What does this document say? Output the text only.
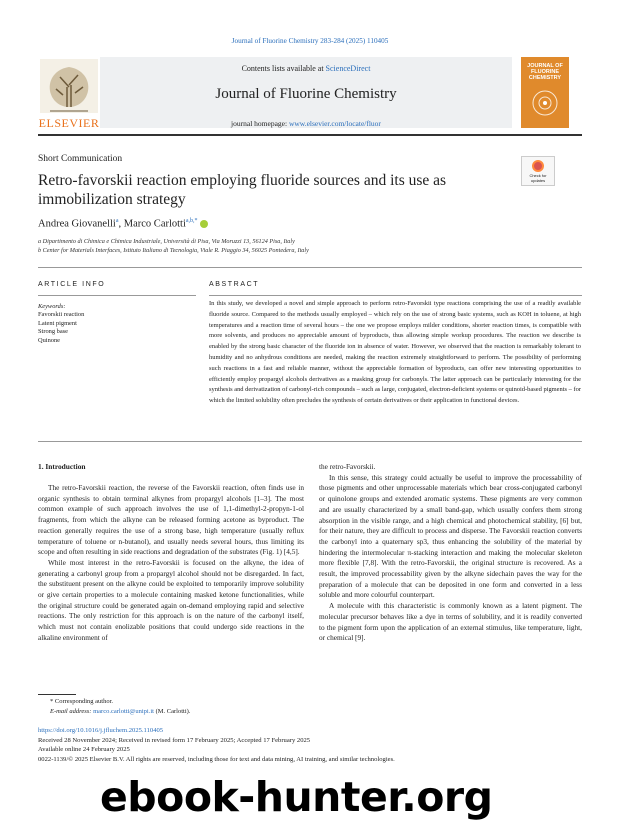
Journal of Fluorine Chemistry 283-284 (2025) 110405
ELSEVIER
Contents lists available at ScienceDirect
Journal of Fluorine Chemistry
journal homepage: www.elsevier.com/locate/fluor
JOURNAL OF FLUORINE CHEMISTRY
Short Communication
Retro-favorskii reaction employing fluoride sources and its use as immobilization strategy
Check for updates
Andrea Giovanelli$^a$, Marco Carlotti$^{a,b,*}$
a Dipartimento di Chimica e Chimica Industriale, Università di Pisa, Via Moruzzi 13, 56124 Pisa, Italy
b Center for Materials Interfaces, Istituto Italiano di Tecnologia, Viale R. Piaggio 34, 56025 Pontedera, Italy
ARTICLE INFO	ABSTRACT
Keywords:
Favorskii reaction
Latent pigment
Strong base
Quinone
In this study, we developed a novel and simple approach to perform retro-Favorskii type reactions comprising the use of a readily available fluoride source. Compared to the methods usually employed – which rely on the use of strong basic systems, such as KOH in toluene, at high temperatures and a reaction time of several hours – the one we propose employs milder conditions, shorter reaction times, is compatible with more solvents, and produces no appreciable amount of byproducts, thus allowing simple workup procedures. The reaction we describe is enabled by the strong basic character of the fluoride ion in absence of water. However, we observed that the reaction is remarkably tolerant to humidity and no anhydrous conditions are needed, making the reaction extremely straightforward to perform. The possibility of performing such reactions in a fast and reliable manner, without the appreciable formation of byproducts, can offer new interesting opportunities to efficiently employ propargyl alcohols derivatives as a masking group for carbonyls. The latter approach can be particularly interesting for the synthesis and derivatization of carbonyl-rich compounds – such as large, conjugated, electron-deficient systems or quinoid-based pigments – for which the limited solubility often precludes the synthesis of certain derivatives or their application in functional devices.
1. Introduction

The retro-Favorskii reaction, the reverse of the Favorskii reaction, often finds use in organic synthesis to obtain terminal alkynes from propargyl alcohols [1–3]. The most common example of such approach involves the use of 1,1-dimethyl-2-propyn-1-ol fragments, from which the alkyne can be released forming acetone as byproduct. The reaction generally requires the use of a strong base, high temperature (usually reflux temperature of toluene or n-butanol), and usually needs several hours, thus limiting its scope and often resulting in side reactions and degradation of the substrates (Fig. 1) [4,5].

While most interest in the retro-Favorskii is focused on the alkyne, the idea of generating a carbonyl group from a propargyl alcohol should not be disregarded. In fact, the substituent present on the alkyne could be exploited to temporarily improve solubility or give certain properties to a molecule containing masked ketone functionalities, while the original structure could be generated again on-demand employing rapid and selective reactions. The only restriction for this approach is on the nature of the carbonyl itself, which must not contain enolizable positions that could undergo side reactions in the alkaline environment of

the retro-Favorskii.

In this sense, this strategy could actually be useful to improve the processability of those pigments and other unprocessable materials which bear cross-conjugated carbonyl or quinolone groups and extended aromatic systems. These pigments are very common and are usually characterized by a small band-gap, which usually confers them strong absorption in the visible range, and a high chemical and photochemical stability, [6] but, for their nature, they are difficult to process and disperse. The Favorskii reaction converts the carbonyl into a quaternary sp3, thus enhancing the solubility of the material by hindering the intermolecular π-stacking interaction and making the molecular skeleton more flexible [7,8]. With the retro-Favorskii, the original structure is recovered. As a result, the improved processability given by the alkyne sidechain paves the way for the preparation of a molecule that can be deposited in one form and converted in a less soluble and more colourful counterpart.

A molecule with this characteristic is commonly known as a latent pigment. The molecular precursor behaves like a dye in terms of solubility, and it is readily converted to the pigment form upon the application of an external stimulus, like temperature, light, or chemical [9].

* Corresponding author.
E-mail address: marco.carlotti@unipi.it (M. Carlotti).
https://doi.org/10.1016/j.jfluchem.2025.110405
Received 28 November 2024; Received in revised form 17 February 2025; Accepted 17 February 2025
Available online 24 February 2025
0022-1139/© 2025 Elsevier B.V. All rights are reserved, including those for text and data mining, AI training, and similar technologies.
ebook-hunter.org
